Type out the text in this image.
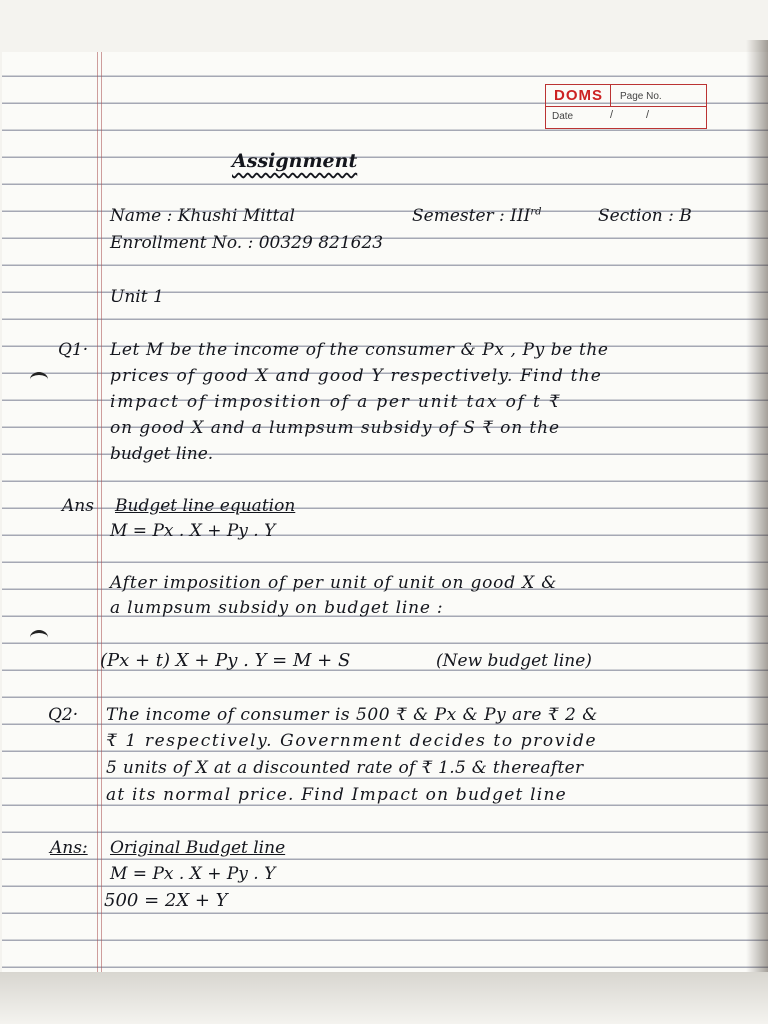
DOMS Page No.
Date	/	/
Assignment
Name : Khushi Mittal	Semester : IIIrd	Section : B
Enrollment No. : 00329 821623
Unit 1
Q1· Let M be the income of the consumer & Px , Py be the
prices of good X and good Y respectively. Find the
impact of imposition of a per unit tax of t ₹
on good X and a lumpsum subsidy of S ₹ on the
budget line.
Ans Budget line equation
M = Px . X + Py . Y
After imposition of per unit of unit on good X &
a lumpsum subsidy on budget line :
(Px + t) X + Py . Y = M + S	(New budget line)
Q2· The income of consumer is 500 ₹ & Px & Py are ₹ 2 &
₹ 1 respectively. Government decides to provide
5 units of X at a discounted rate of ₹ 1.5 & thereafter
at its normal price. Find Impact on budget line
Ans: Original Budget line
M = Px . X + Py . Y
500 = 2X + Y
